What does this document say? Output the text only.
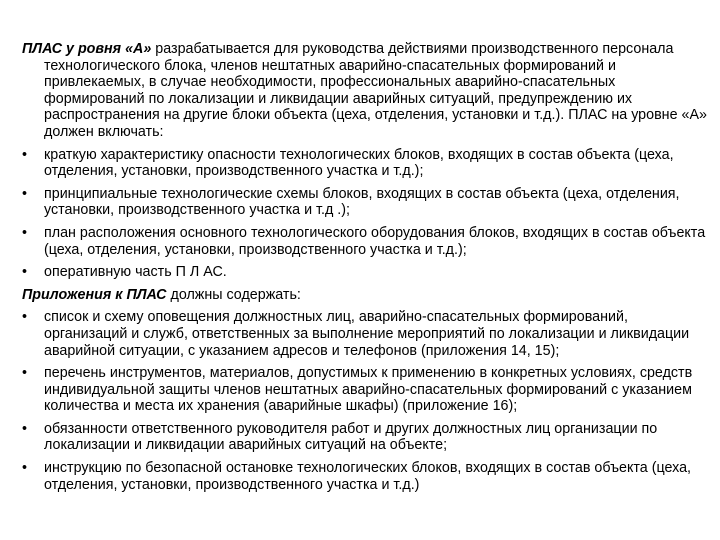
ПЛАС у ровня «А» разрабатывается для руководства действиями производственного персонала технологического блока, членов нештатных аварийно-спасательных формирований и привлекаемых, в случае необходимости, профессиональных аварийно-спасательных формирований по локализации и ликвидации аварийных ситуаций, предупреждению их распространения на другие блоки объекта (цеха, отделения, установки и т.д.). ПЛАС на уровне «А» должен включать:

• краткую характеристику опасности технологических блоков, входящих в состав объекта (цеха, отделения, установки, производственного участка и т.д.);
• принципиальные технологические схемы блоков, входящих в состав объекта (цеха, отделения, установки, производственного участка и т.д .);
• план расположения основного технологического оборудования блоков, входящих в состав объекта (цеха, отделения, установки, производственного участка и т.д.);
• оперативную часть П Л АС.

Приложения к ПЛАС должны содержать:

• список и схему оповещения должностных лиц, аварийно-спасательных формирований, организаций и служб, ответственных за выполнение мероприятий по локализации и ликвидации аварийной ситуации, с указанием адресов и телефонов (приложения 14, 15);
• перечень инструментов, материалов, допустимых к применению в конкретных условиях, средств индивидуальной защиты членов нештатных аварийно-спасательных формирований с указанием количества и места их хранения (аварийные шкафы) (приложение 16);
• обязанности ответственного руководителя работ и других должностных лиц организации по локализации и ликвидации аварийных ситуаций на объекте;
• инструкцию по безопасной остановке технологических блоков, входящих в состав объекта (цеха, отделения, установки, производственного участка и т.д.)
